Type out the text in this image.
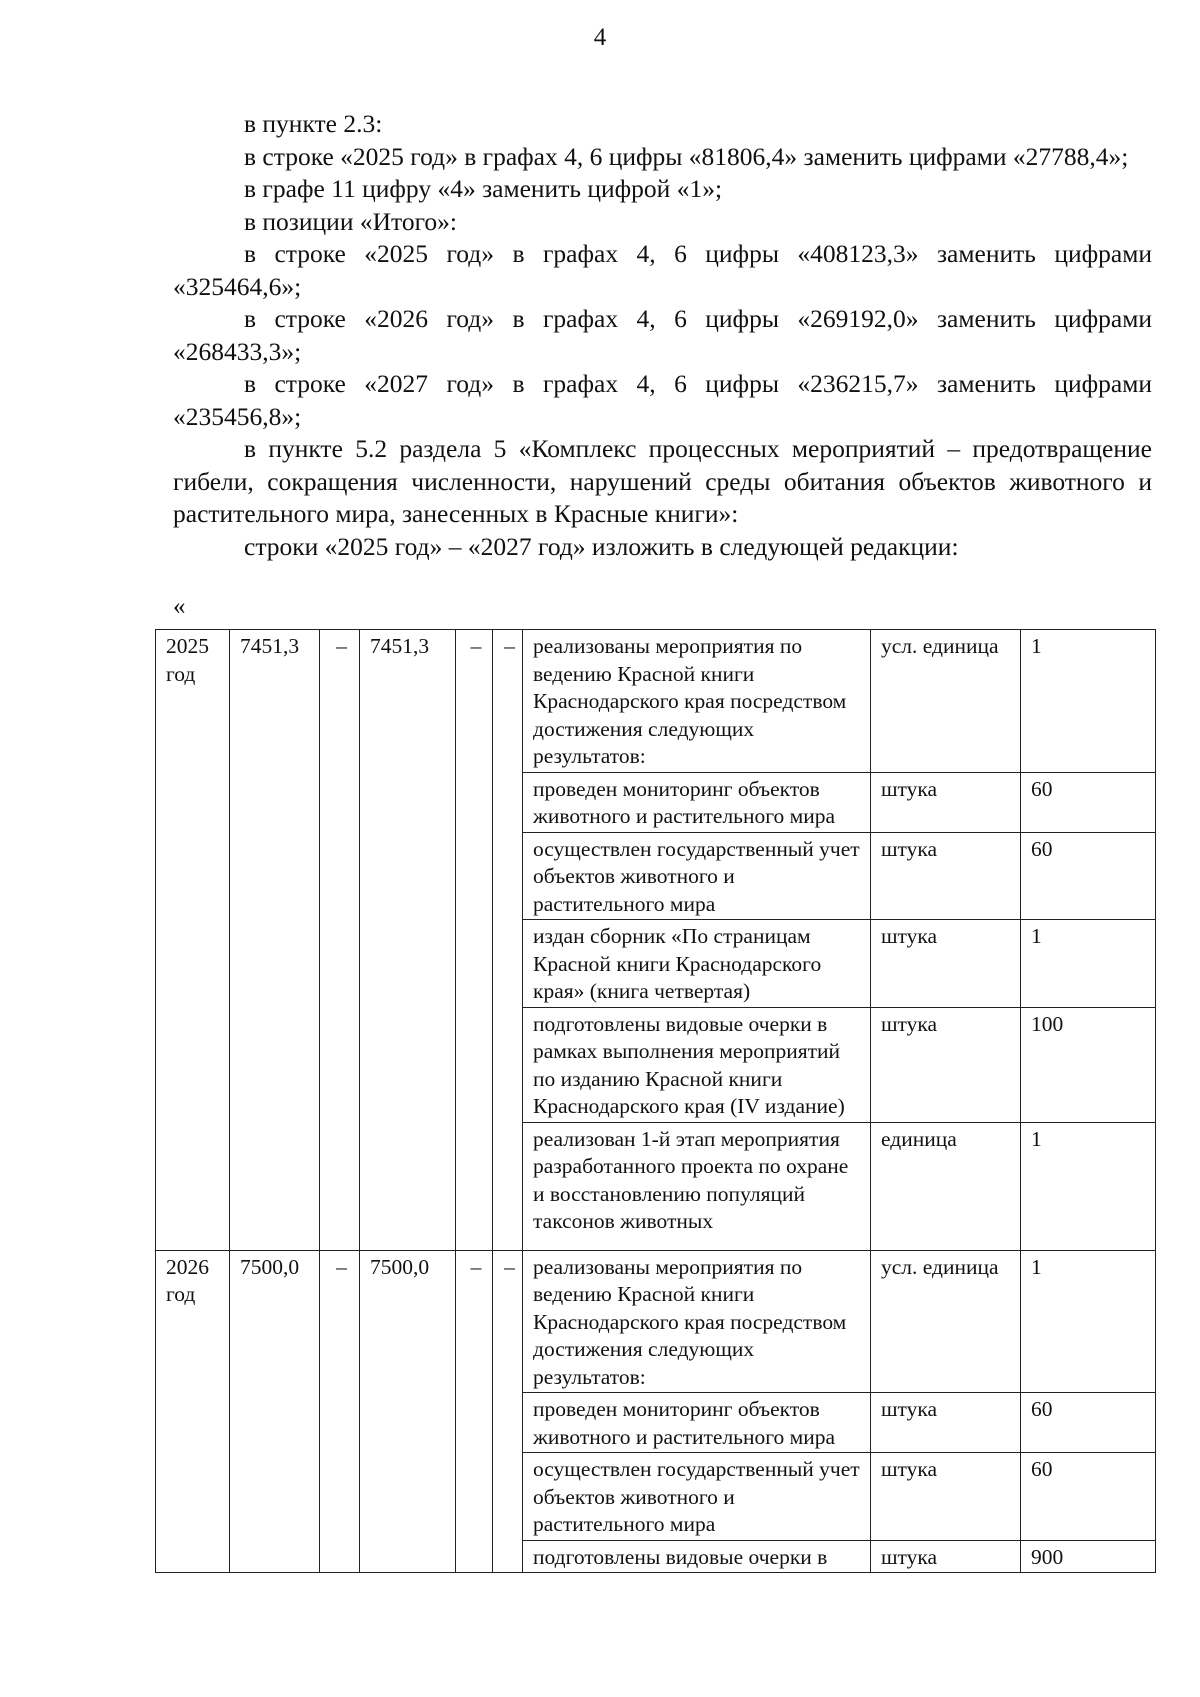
4

в пункте 2.3:

в строке «2025 год» в графах 4, 6 цифры «81806,4» заменить цифрами «27788,4»;

в графе 11 цифру «4» заменить цифрой «1»;

в позиции «Итого»:

в строке «2025 год» в графах 4, 6 цифры «408123,3» заменить цифрами «325464,6»;

в строке «2026 год» в графах 4, 6 цифры «269192,0» заменить цифрами «268433,3»;

в строке «2027 год» в графах 4, 6 цифры «236215,7» заменить цифрами «235456,8»;

в пункте 5.2 раздела 5 «Комплекс процессных мероприятий – предотвращение гибели, сокращения численности, нарушений среды обитания объектов животного и растительного мира, занесенных в Красные книги»:

строки «2025 год» – «2027 год» изложить в следующей редакции:

«
2025 год	7451,3	–	7451,3	–	–	реализованы мероприятия по ведению Красной книги Краснодарского края посредством достижения следующих результатов:	усл. единица	1
						проведен мониторинг объектов животного и растительного мира	штука	60
						осуществлен государственный учет объектов животного и растительного мира	штука	60
						издан сборник «По страницам Красной книги Краснодарского края» (книга четвертая)	штука	1
						подготовлены видовые очерки в рамках выполнения мероприятий по изданию Красной книги Краснодарского края (IV издание)	штука	100
						реализован 1-й этап мероприятия разработанного проекта по охране и восстановлению популяций таксонов животных	единица	1
2026 год	7500,0	–	7500,0	–	–	реализованы мероприятия по ведению Красной книги Краснодарского края посредством достижения следующих результатов:	усл. единица	1
						проведен мониторинг объектов животного и растительного мира	штука	60
						осуществлен государственный учет объектов животного и растительного мира	штука	60
						подготовлены видовые очерки в	штука	900
